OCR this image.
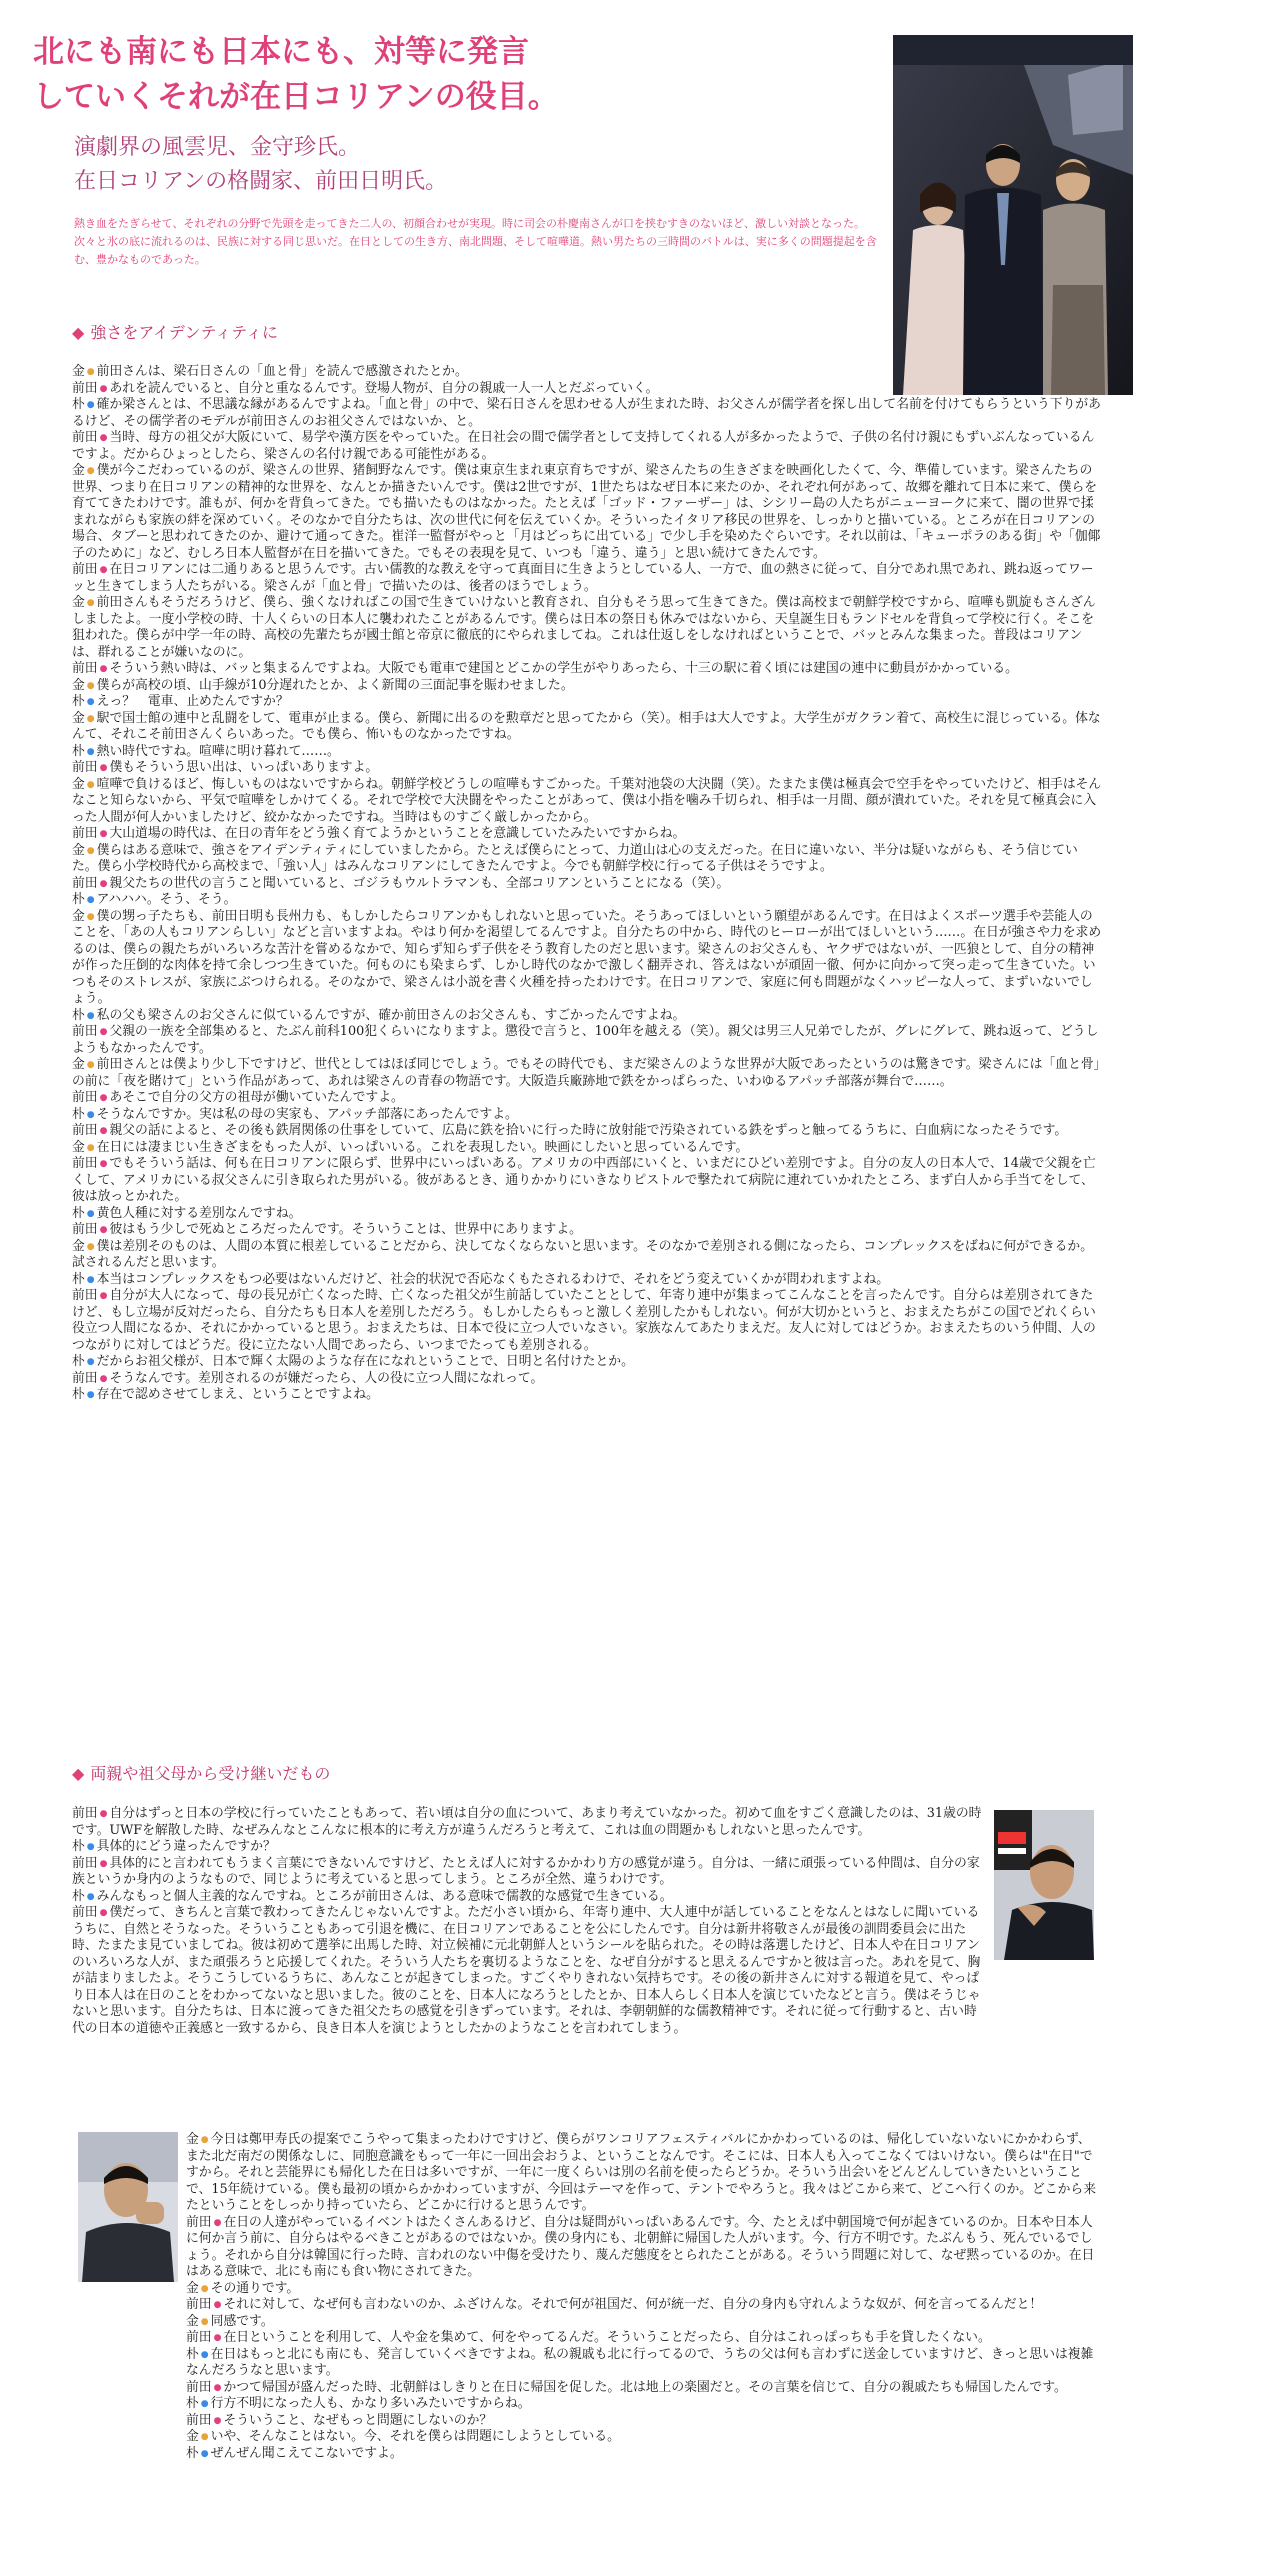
北にも南にも日本にも、対等に発言
していくそれが在日コリアンの役目。
演劇界の風雲児、金守珍氏。
在日コリアンの格闘家、前田日明氏。
熱き血をたぎらせて、それぞれの分野で先頭を走ってきた二人の、初顔合わせが実現。時に司会の朴慶南さんが口を挟むすきのないほど、激しい対談となった。次々と氷の底に流れるのは、民族に対する同じ思いだ。在日としての生き方、南北問題、そして喧嘩道。熱い男たちの三時間のバトルは、実に多くの問題提起を含む、豊かなものであった。
◆ 強さをアイデンティティに
金 ● 前田さんは、梁石日さんの「血と骨」を読んで感激されたとか。
前田 ● あれを読んでいると、自分と重なるんです。登場人物が、自分の親戚一人一人とだぶっていく。
朴 ● 確か梁さんとは、不思議な縁があるんですよね。「血と骨」の中で、梁石日さんを思わせる人が生まれた時、お父さんが儒学者を探し出して名前を付けてもらうという下りがあるけど、その儒学者のモデルが前田さんのお祖父さんではないか、と。
前田 ● 当時、母方の祖父が大阪にいて、易学や漢方医をやっていた。在日社会の間で儒学者として支持してくれる人が多かったようで、子供の名付け親にもずいぶんなっているんですよ。だからひょっとしたら、梁さんの名付け親である可能性がある。
金 ● 僕が今こだわっているのが、梁さんの世界、猪飼野なんです。僕は東京生まれ東京育ちですが、梁さんたちの生きざまを映画化したくて、今、準備しています。梁さんたちの世界、つまり在日コリアンの精神的な世界を、なんとか描きたいんです。僕は2世ですが、1世たちはなぜ日本に来たのか、それぞれ何があって、故郷を離れて日本に来て、僕らを育ててきたわけです。誰もが、何かを背負ってきた。でも描いたものはなかった。たとえば「ゴッド・ファーザー」は、シシリー島の人たちがニューヨークに来て、闇の世界で揉まれながらも家族の絆を深めていく。そのなかで自分たちは、次の世代に何を伝えていくか。そういったイタリア移民の世界を、しっかりと描いている。ところが在日コリアンの場合、タブーと思われてきたのか、避けて通ってきた。崔洋一監督がやっと「月はどっちに出ている」で少し手を染めたぐらいです。それ以前は、「キューポラのある街」や「伽倻子のために」など、むしろ日本人監督が在日を描いてきた。でもその表現を見て、いつも「違う、違う」と思い続けてきたんです。
前田 ● 在日コリアンには二通りあると思うんです。古い儒教的な教えを守って真面目に生きようとしている人、一方で、血の熱さに従って、自分であれ黒であれ、跳ね返ってワーッと生きてしまう人たちがいる。梁さんが「血と骨」で描いたのは、後者のほうでしょう。
金 ● 前田さんもそうだろうけど、僕ら、強くなければこの国で生きていけないと教育され、自分もそう思って生きてきた。僕は高校まで朝鮮学校ですから、喧嘩も凱旋もさんざんしましたよ。一度小学校の時、十人くらいの日本人に襲われたことがあるんです。僕らは日本の祭日も休みではないから、天皇誕生日もランドセルを背負って学校に行く。そこを狙われた。僕らが中学一年の時、高校の先輩たちが國士館と帝京に徹底的にやられましてね。これは仕返しをしなければということで、バッとみんな集まった。普段はコリアンは、群れることが嫌いなのに。
前田 ● そういう熱い時は、バッと集まるんですよね。大阪でも電車で建国とどこかの学生がやりあったら、十三の駅に着く頃には建国の連中に動員がかかっている。
金 ● 僕らが高校の頃、山手線が10分遅れたとか、よく新聞の三面記事を賑わせました。
朴 ● えっ？　電車、止めたんですか？
金 ● 駅で国士館の連中と乱闘をして、電車が止まる。僕ら、新聞に出るのを勲章だと思ってたから（笑）。相手は大人ですよ。大学生がガクラン着て、高校生に混じっている。体なんて、それこそ前田さんくらいあった。でも僕ら、怖いものなかったですね。
朴 ● 熱い時代ですね。喧嘩に明け暮れて……。
前田 ● 僕もそういう思い出は、いっぱいありますよ。
金 ● 喧嘩で負けるほど、悔しいものはないですからね。朝鮮学校どうしの喧嘩もすごかった。千葉対池袋の大決闘（笑）。たまたま僕は極真会で空手をやっていたけど、相手はそんなこと知らないから、平気で喧嘩をしかけてくる。それで学校で大決闘をやったことがあって、僕は小指を噛み千切られ、相手は一月間、顔が潰れていた。それを見て極真会に入った人間が何人かいましたけど、絞かなかったですね。当時はものすごく厳しかったから。
前田 ● 大山道場の時代は、在日の青年をどう強く育てようかということを意識していたみたいですからね。
金 ● 僕らはある意味で、強さをアイデンティティにしていましたから。たとえば僕らにとって、力道山は心の支えだった。在日に違いない、半分は疑いながらも、そう信じていた。僕ら小学校時代から高校まで、「強い人」はみんなコリアンにしてきたんですよ。今でも朝鮮学校に行ってる子供はそうですよ。
前田 ● 親父たちの世代の言うこと聞いていると、ゴジラもウルトラマンも、全部コリアンということになる（笑）。
朴 ● アハハハ。そう、そう。
金 ● 僕の甥っ子たちも、前田日明も長州力も、もしかしたらコリアンかもしれないと思っていた。そうあってほしいという願望があるんです。在日はよくスポーツ選手や芸能人のことを、「あの人もコリアンらしい」などと言いますよね。やはり何かを渇望してるんですよ。自分たちの中から、時代のヒーローが出てほしいという……。在日が強さや力を求めるのは、僕らの親たちがいろいろな苦汁を嘗めるなかで、知らず知らず子供をそう教育したのだと思います。梁さんのお父さんも、ヤクザではないが、一匹狼として、自分の精神が作った圧倒的な肉体を持て余しつつ生きていた。何ものにも染まらず、しかし時代のなかで激しく翻弄され、答えはないが頑固一徹、何かに向かって突っ走って生きていた。いつもそのストレスが、家族にぶつけられる。そのなかで、梁さんは小説を書く火種を持ったわけです。在日コリアンで、家庭に何も問題がなくハッピーな人って、まずいないでしょう。
朴 ● 私の父も梁さんのお父さんに似ているんですが、確か前田さんのお父さんも、すごかったんですよね。
前田 ● 父親の一族を全部集めると、たぶん前科100犯くらいになりますよ。懲役で言うと、100年を越える（笑）。親父は男三人兄弟でしたが、グレにグレて、跳ね返って、どうしようもなかったんです。
金 ● 前田さんとは僕より少し下ですけど、世代としてはほぼ同じでしょう。でもその時代でも、まだ梁さんのような世界が大阪であったというのは驚きです。梁さんには「血と骨」の前に「夜を賭けて」という作品があって、あれは梁さんの青春の物語です。大阪造兵廠跡地で鉄をかっぱらった、いわゆるアパッチ部落が舞台で……。
前田 ● あそこで自分の父方の祖母が働いていたんですよ。
朴 ● そうなんですか。実は私の母の実家も、アパッチ部落にあったんですよ。
前田 ● 親父の話によると、その後も鉄屑関係の仕事をしていて、広島に鉄を拾いに行った時に放射能で汚染されている鉄をずっと触ってるうちに、白血病になったそうです。
金 ● 在日には凄まじい生きざまをもった人が、いっぱいいる。これを表現したい。映画にしたいと思っているんです。
前田 ● でもそういう話は、何も在日コリアンに限らず、世界中にいっぱいある。アメリカの中西部にいくと、いまだにひどい差別ですよ。自分の友人の日本人で、14歳で父親を亡くして、アメリカにいる叔父さんに引き取られた男がいる。彼があるとき、通りかかりにいきなりピストルで撃たれて病院に連れていかれたところ、まず白人から手当てをして、彼は放っとかれた。
朴 ● 黄色人種に対する差別なんですね。
前田 ● 彼はもう少しで死ぬところだったんです。そういうことは、世界中にありますよ。
金 ● 僕は差別そのものは、人間の本質に根差していることだから、決してなくならないと思います。そのなかで差別される側になったら、コンプレックスをばねに何ができるか。試されるんだと思います。
朴 ● 本当はコンプレックスをもつ必要はないんだけど、社会的状況で否応なくもたされるわけで、それをどう変えていくかが問われますよね。
前田 ● 自分が大人になって、母の長兄が亡くなった時、亡くなった祖父が生前話していたこととして、年寄り連中が集まってこんなことを言ったんです。自分らは差別されてきたけど、もし立場が反対だったら、自分たちも日本人を差別しただろう。もしかしたらもっと激しく差別したかもしれない。何が大切かというと、おまえたちがこの国でどれくらい役立つ人間になるか、それにかかっていると思う。おまえたちは、日本で役に立つ人でいなさい。家族なんてあたりまえだ。友人に対してはどうか。おまえたちのいう仲間、人のつながりに対してはどうだ。役に立たない人間であったら、いつまでたっても差別される。
朴 ● だからお祖父様が、日本で輝く太陽のような存在になれということで、日明と名付けたとか。
前田 ● そうなんです。差別されるのが嫌だったら、人の役に立つ人間になれって。
朴 ● 存在で認めさせてしまえ、ということですよね。
◆ 両親や祖父母から受け継いだもの
前田 ● 自分はずっと日本の学校に行っていたこともあって、若い頃は自分の血について、あまり考えていなかった。初めて血をすごく意識したのは、31歳の時です。UWFを解散した時、なぜみんなとこんなに根本的に考え方が違うんだろうと考えて、これは血の問題かもしれないと思ったんです。
朴 ● 具体的にどう違ったんですか？
前田 ● 具体的にと言われてもうまく言葉にできないんですけど、たとえば人に対するかかわり方の感覚が違う。自分は、一緒に頑張っている仲間は、自分の家族というか身内のようなもので、同じように考えていると思ってしまう。ところが全然、違うわけです。
朴 ● みんなもっと個人主義的なんですね。ところが前田さんは、ある意味で儒教的な感覚で生きている。
前田 ● 僕だって、きちんと言葉で教わってきたんじゃないんですよ。ただ小さい頃から、年寄り連中、大人連中が話していることをなんとはなしに聞いているうちに、自然とそうなった。そういうこともあって引退を機に、在日コリアンであることを公にしたんです。自分は新井将敬さんが最後の訓問委員会に出た時、たまたま見ていましてね。彼は初めて選挙に出馬した時、対立候補に元北朝鮮人というシールを貼られた。その時は落選したけど、日本人や在日コリアンのいろいろな人が、また頑張ろうと応援してくれた。そういう人たちを裏切るようなことを、なぜ自分がすると思えるんですかと彼は言った。あれを見て、胸が詰まりましたよ。そうこうしているうちに、あんなことが起きてしまった。すごくやりきれない気持ちです。その後の新井さんに対する報道を見て、やっぱり日本人は在日のことをわかってないなと思いました。彼のことを、日本人になろうとしたとか、日本人らしく日本人を演じていたなどと言う。僕はそうじゃないと思います。自分たちは、日本に渡ってきた祖父たちの感覚を引きずっています。それは、李朝朝鮮的な儒教精神です。それに従って行動すると、古い時代の日本の道徳や正義感と一致するから、良き日本人を演じようとしたかのようなことを言われてしまう。
金 ● 今日は鄭甲寿氏の提案でこうやって集まったわけですけど、僕らがワンコリアフェスティバルにかかわっているのは、帰化していないないにかかわらず、また北だ南だの関係なしに、同胞意識をもって一年に一回出会おうよ、ということなんです。そこには、日本人も入ってこなくてはいけない。僕らは"在日"ですから。それと芸能界にも帰化した在日は多いですが、一年に一度くらいは別の名前を使ったらどうか。そういう出会いをどんどんしていきたいということで、15年続けている。僕も最初の頃からかかわっていますが、今回はテーマを作って、テントでやろうと。我々はどこから来て、どこへ行くのか。どこから来たということをしっかり持っていたら、どこかに行けると思うんです。
前田 ● 在日の人達がやっているイベントはたくさんあるけど、自分は疑問がいっぱいあるんです。今、たとえば中朝国境で何が起きているのか。日本や日本人に何か言う前に、自分らはやるべきことがあるのではないか。僕の身内にも、北朝鮮に帰国した人がいます。今、行方不明です。たぶんもう、死んでいるでしょう。それから自分は韓国に行った時、言われのない中傷を受けたり、蔑んだ態度をとられたことがある。そういう問題に対して、なぜ黙っているのか。在日はある意味で、北にも南にも食い物にされてきた。
金 ● その通りです。
前田 ● それに対して、なぜ何も言わないのか、ふざけんな。それで何が祖国だ、何が統一だ、自分の身内も守れんような奴が、何を言ってるんだと！
金 ● 同感です。
前田 ● 在日ということを利用して、人や金を集めて、何をやってるんだ。そういうことだったら、自分はこれっぽっちも手を貸したくない。
朴 ● 在日はもっと北にも南にも、発言していくべきですよね。私の親戚も北に行ってるので、うちの父は何も言わずに送金していますけど、きっと思いは複雑なんだろうなと思います。
前田 ● かつて帰国が盛んだった時、北朝鮮はしきりと在日に帰国を促した。北は地上の楽園だと。その言葉を信じて、自分の親戚たちも帰国したんです。
朴 ● 行方不明になった人も、かなり多いみたいですからね。
前田 ● そういうこと、なぜもっと問題にしないのか？
金 ● いや、そんなことはない。今、それを僕らは問題にしようとしている。
朴 ● ぜんぜん聞こえてこないですよ。
